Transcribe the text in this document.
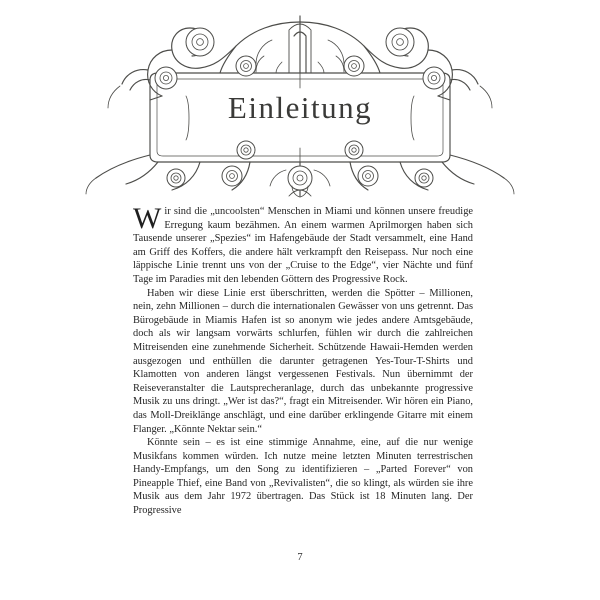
Einleitung

Wir sind die „uncoolsten“ Menschen in Miami und können unsere freudige Erregung kaum bezähmen. An einem warmen Aprilmorgen haben sich Tausende unserer „Spezies“ im Hafengebäude der Stadt versammelt, eine Hand am Griff des Koffers, die andere hält verkrampft den Reisepass. Nur noch eine läppische Linie trennt uns von der „Cruise to the Edge“, vier Nächte und fünf Tage im Paradies mit den lebenden Göttern des Progressive Rock.

Haben wir diese Linie erst überschritten, werden die Spötter – Millionen, nein, zehn Millionen – durch die internationalen Gewässer von uns getrennt. Das Bürogebäude in Miamis Hafen ist so anonym wie jedes andere Amtsgebäude, doch als wir langsam vorwärts schlurfen, fühlen wir durch die zahlreichen Mitreisenden eine zunehmende Sicherheit. Schützende Hawaii-Hemden werden ausgezogen und enthüllen die darunter getragenen Yes-Tour-T-Shirts und Klamotten von anderen längst vergessenen Festivals. Nun übernimmt der Reiseveranstalter die Lautsprecheranlage, durch das unbekannte progressive Musik zu uns dringt. „Wer ist das?“, fragt ein Mitreisender. Wir hören ein Piano, das Moll-Dreiklänge anschlägt, und eine darüber erklingende Gitarre mit einem Flanger. „Könnte Nektar sein.“

Könnte sein – es ist eine stimmige Annahme, eine, auf die nur wenige Musikfans kommen würden. Ich nutze meine letzten Minuten terrestrischen Handy-Empfangs, um den Song zu identifizieren – „Parted Forever“ von Pineapple Thief, eine Band von „Revivalisten“, die so klingt, als würden sie ihre Musik aus dem Jahr 1972 übertragen. Das Stück ist 18 Minuten lang. Der Progressive

7
